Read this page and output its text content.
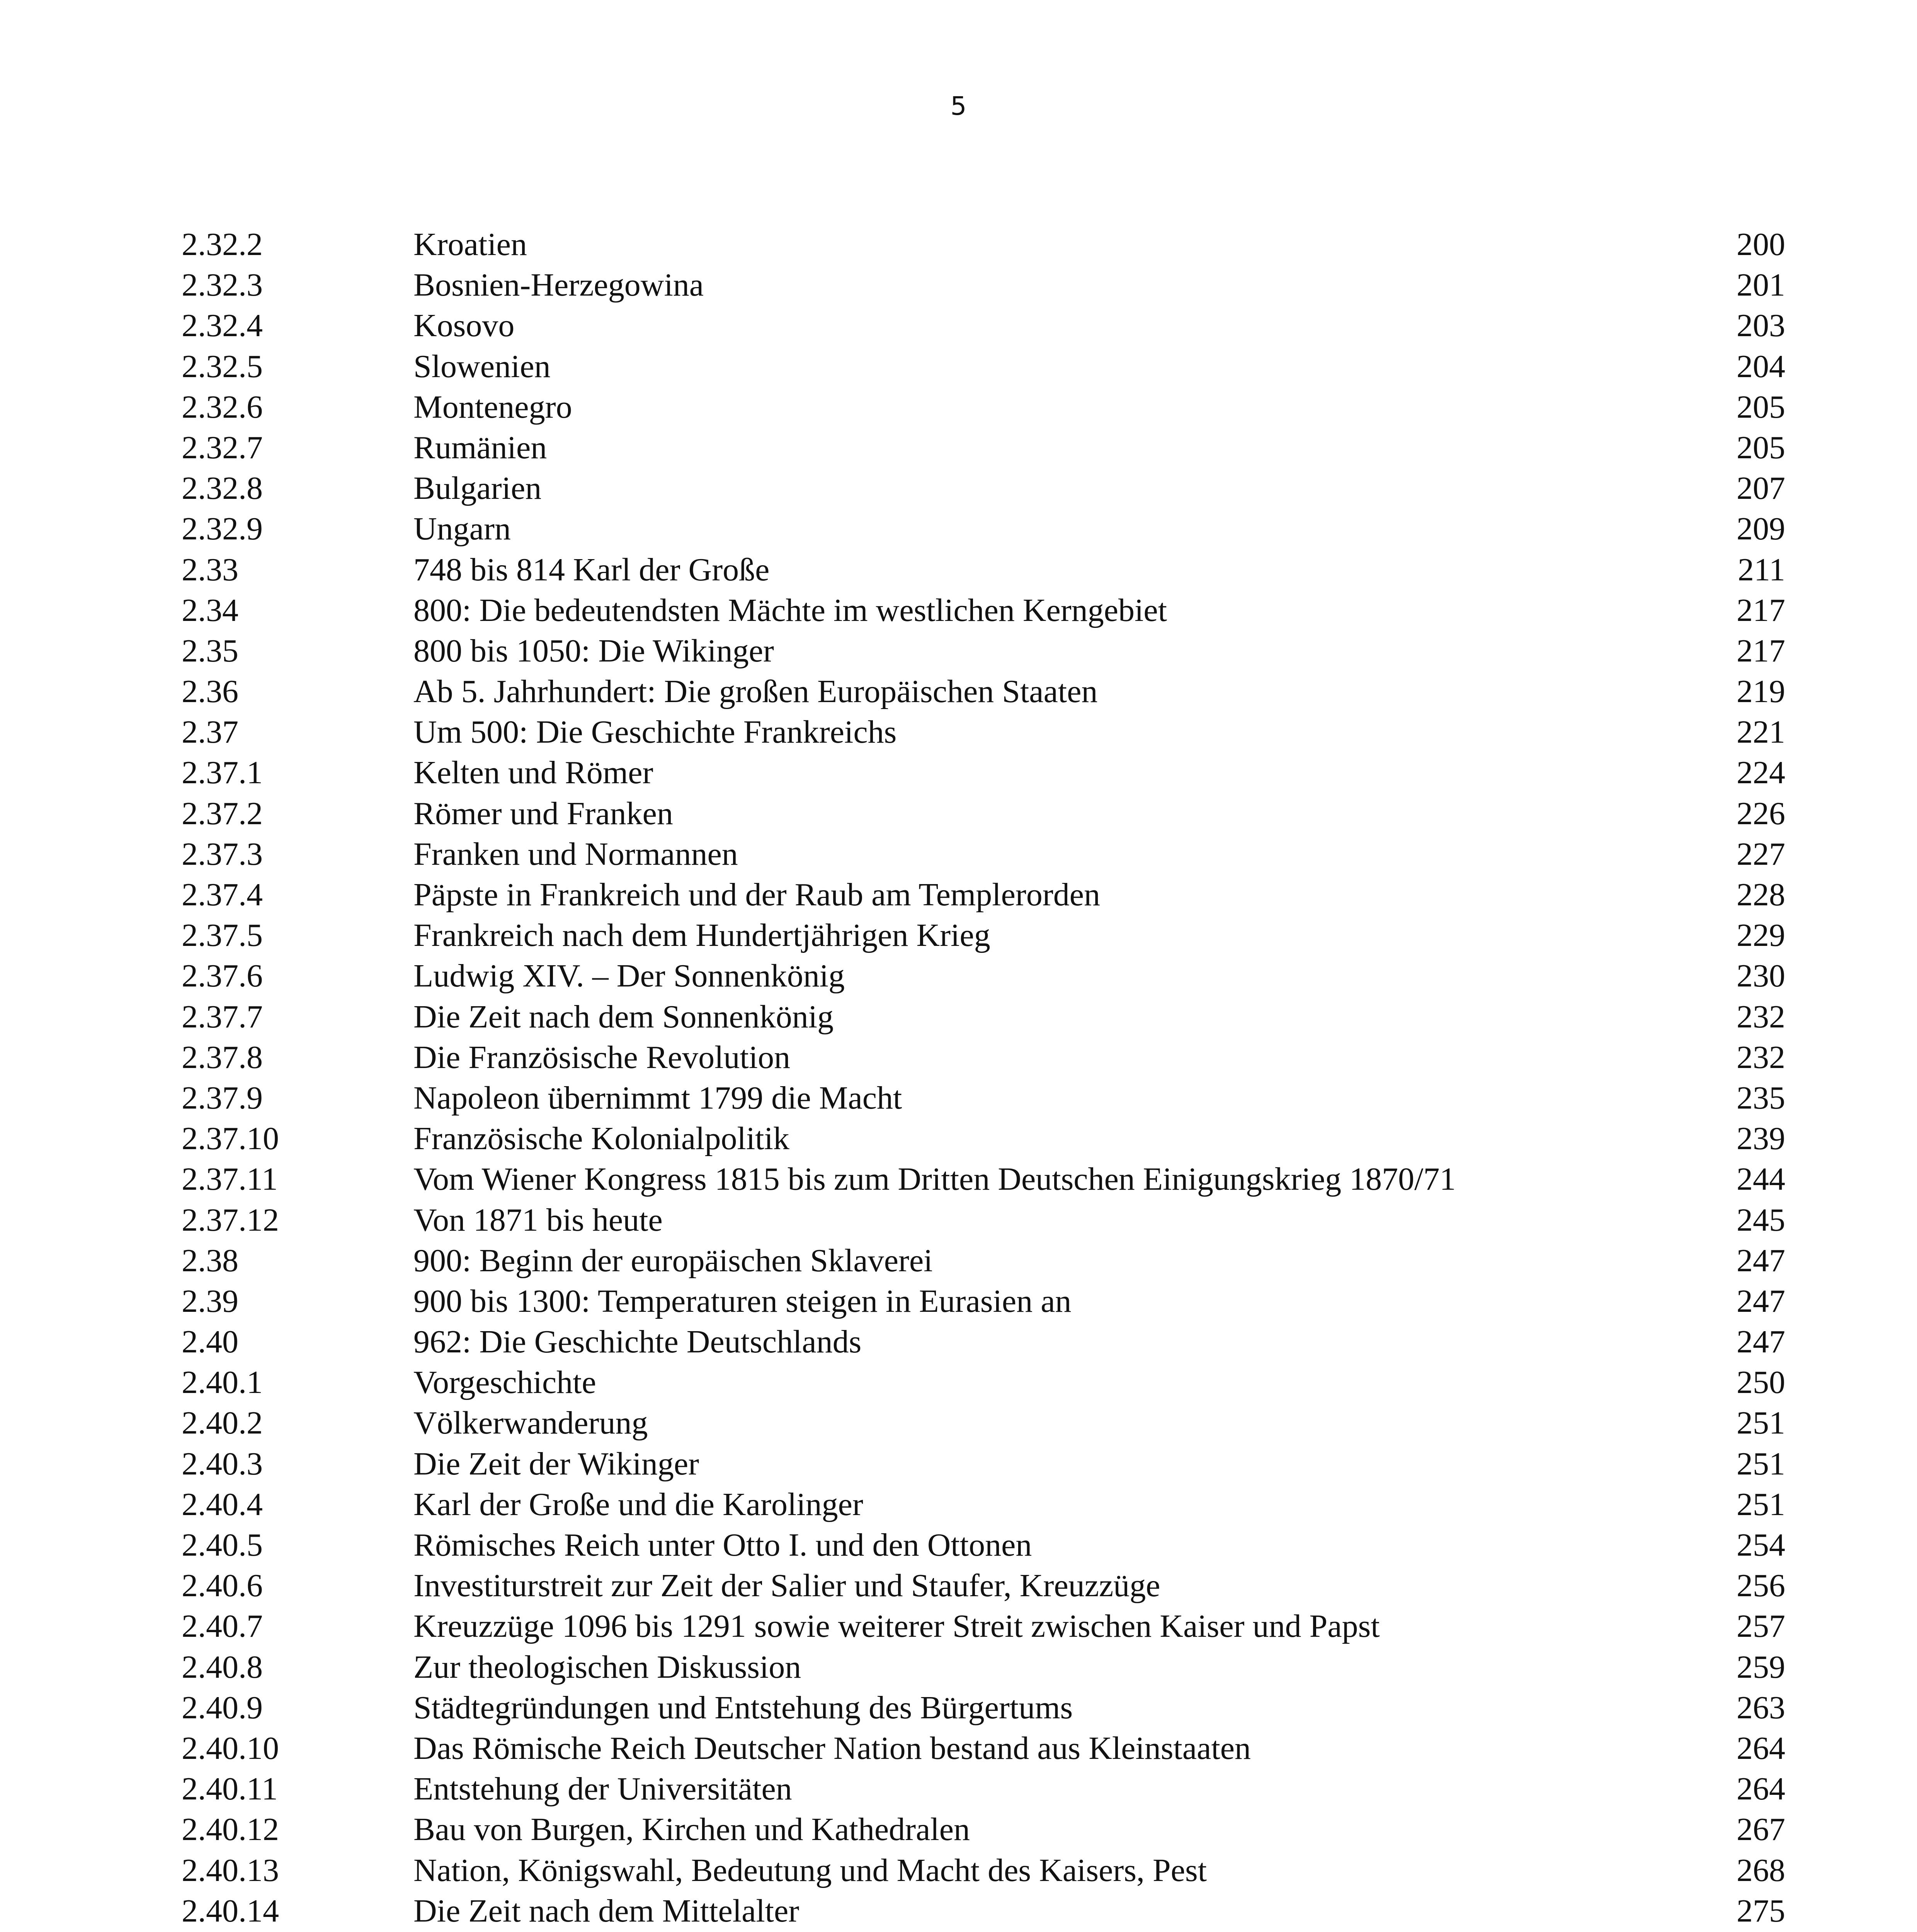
5
2.32.2	Kroatien	200
2.32.3	Bosnien-Herzegowina	201
2.32.4	Kosovo	203
2.32.5	Slowenien	204
2.32.6	Montenegro	205
2.32.7	Rumänien	205
2.32.8	Bulgarien	207
2.32.9	Ungarn	209
2.33	748 bis 814 Karl der Große	211
2.34	800: Die bedeutendsten Mächte im westlichen Kerngebiet	217
2.35	800 bis 1050: Die Wikinger	217
2.36	Ab 5. Jahrhundert: Die großen Europäischen Staaten	219
2.37	Um 500: Die Geschichte Frankreichs	221
2.37.1	Kelten und Römer	224
2.37.2	Römer und Franken	226
2.37.3	Franken und Normannen	227
2.37.4	Päpste in Frankreich und der Raub am Templerorden	228
2.37.5	Frankreich nach dem Hundertjährigen Krieg	229
2.37.6	Ludwig XIV. – Der Sonnenkönig	230
2.37.7	Die Zeit nach dem Sonnenkönig	232
2.37.8	Die Französische Revolution	232
2.37.9	Napoleon übernimmt 1799 die Macht	235
2.37.10	Französische Kolonialpolitik	239
2.37.11	Vom Wiener Kongress 1815 bis zum Dritten Deutschen Einigungskrieg 1870/71	244
2.37.12	Von 1871 bis heute	245
2.38	900: Beginn der europäischen Sklaverei	247
2.39	900 bis 1300: Temperaturen steigen in Eurasien an	247
2.40	962: Die Geschichte Deutschlands	247
2.40.1	Vorgeschichte	250
2.40.2	Völkerwanderung	251
2.40.3	Die Zeit der Wikinger	251
2.40.4	Karl der Große und die Karolinger	251
2.40.5	Römisches Reich unter Otto I. und den Ottonen	254
2.40.6	Investiturstreit zur Zeit der Salier und Staufer, Kreuzzüge	256
2.40.7	Kreuzzüge 1096 bis 1291 sowie weiterer Streit zwischen Kaiser und Papst	257
2.40.8	Zur theologischen Diskussion	259
2.40.9	Städtegründungen und Entstehung des Bürgertums	263
2.40.10	Das Römische Reich Deutscher Nation bestand aus Kleinstaaten	264
2.40.11	Entstehung der Universitäten	264
2.40.12	Bau von Burgen, Kirchen und Kathedralen	267
2.40.13	Nation, Königswahl, Bedeutung und Macht des Kaisers, Pest	268
2.40.14	Die Zeit nach dem Mittelalter	275
